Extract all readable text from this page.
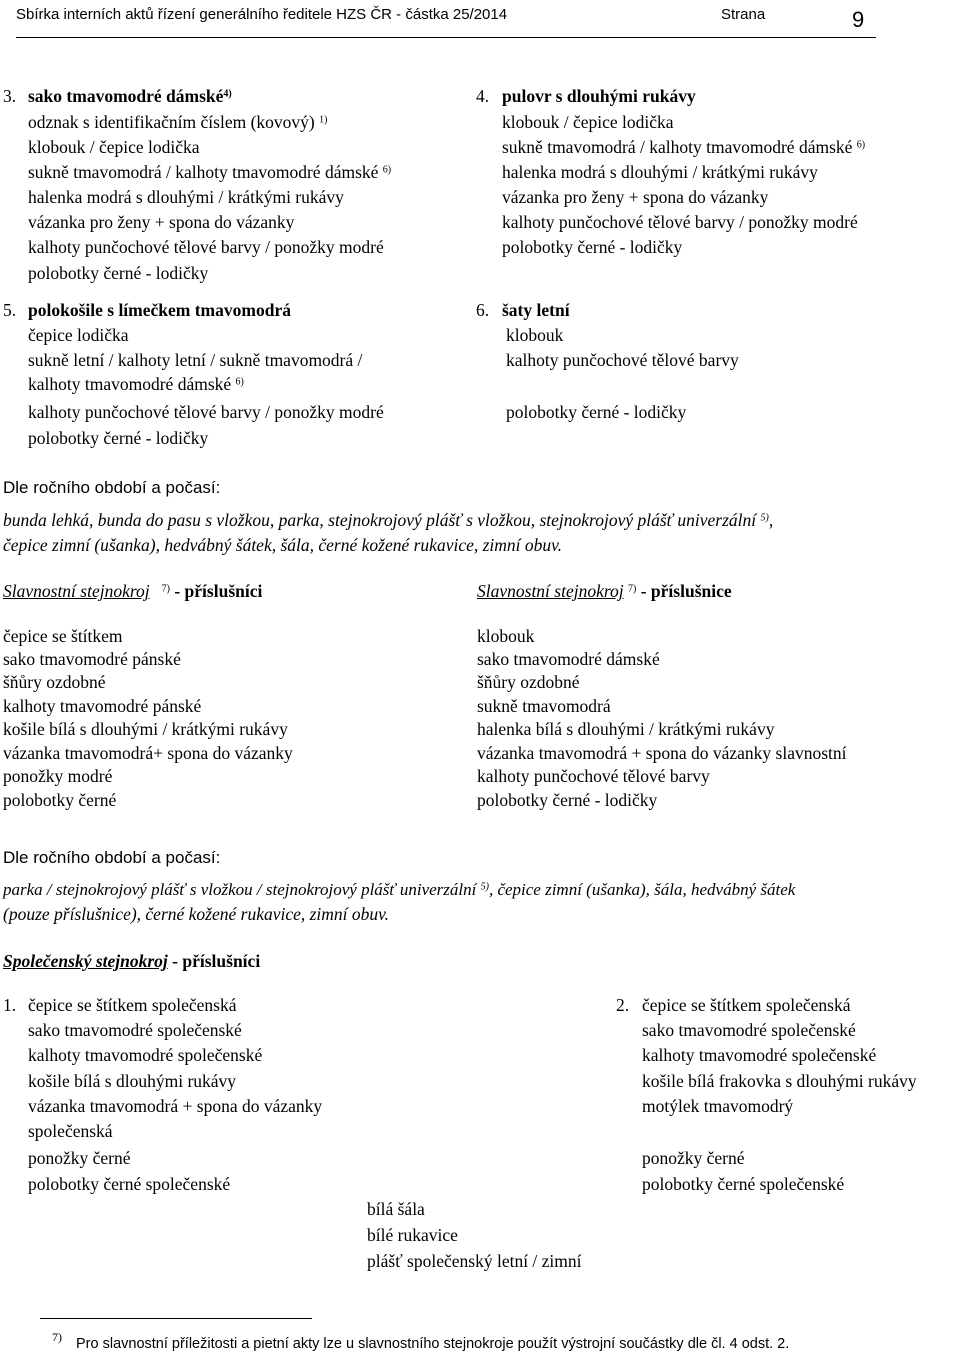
Sbírka interních aktů řízení generálního ředitele HZS ČR - částka 25/2014	Strana	9
3. sako tmavomodré dámské$^{4)}$
odznak s identifikačním číslem (kovový) $^{1)}$
klobouk / čepice lodička
sukně tmavomodrá / kalhoty tmavomodré dámské $^{6)}$
halenka modrá s dlouhými / krátkými rukávy
vázanka pro ženy + spona do vázanky
kalhoty punčochové tělové barvy / ponožky modré
polobotky černé - lodičky
4. pulovr s dlouhými rukávy
klobouk / čepice lodička
sukně tmavomodrá / kalhoty tmavomodré dámské $^{6)}$
halenka modrá s dlouhými / krátkými rukávy
vázanka pro ženy + spona do vázanky
kalhoty punčochové tělové barvy / ponožky modré
polobotky černé - lodičky
5. polokošile s límečkem tmavomodrá
čepice lodička
sukně letní / kalhoty letní / sukně tmavomodrá /
kalhoty tmavomodré dámské $^{6)}$
kalhoty punčochové tělové barvy / ponožky modré
polobotky černé - lodičky
6. šaty letní
klobouk
kalhoty punčochové tělové barvy
polobotky černé - lodičky
Dle ročního období a počasí:
bunda lehká, bunda do pasu s vložkou, parka, stejnokrojový plášť s vložkou, stejnokrojový plášť univerzální $^{5)}$,
čepice zimní (ušanka), hedvábný šátek, šála, černé kožené rukavice, zimní obuv.
Slavnostní stejnokroj $^{7)}$ - příslušníci
čepice se štítkem
sako tmavomodré pánské
šňůry ozdobné
kalhoty tmavomodré pánské
košile bílá s dlouhými / krátkými rukávy
vázanka tmavomodrá+ spona do vázanky
ponožky modré
polobotky černé
Slavnostní stejnokroj $^{7)}$ - příslušnice
klobouk
sako tmavomodré dámské
šňůry ozdobné
sukně tmavomodrá
halenka bílá s dlouhými / krátkými rukávy
vázanka tmavomodrá + spona do vázanky slavnostní
kalhoty punčochové tělové barvy
polobotky černé - lodičky
Dle ročního období a počasí:
parka / stejnokrojový plášť s vložkou / stejnokrojový plášť univerzální $^{5)}$, čepice zimní (ušanka), šála, hedvábný šátek
(pouze příslušnice), černé kožené rukavice, zimní obuv.
Společenský stejnokroj - příslušníci
1. čepice se štítkem společenská
sako tmavomodré společenské
kalhoty tmavomodré společenské
košile bílá s dlouhými rukávy
vázanka tmavomodrá + spona do vázanky
společenská
ponožky černé
polobotky černé společenské
2. čepice se štítkem společenská
sako tmavomodré společenské
kalhoty tmavomodré společenské
košile bílá frakovka s dlouhými rukávy
motýlek tmavomodrý
ponožky černé
polobotky černé společenské
bílá šála
bílé rukavice
plášť společenský letní / zimní
7) Pro slavnostní příležitosti a pietní akty lze u slavnostního stejnokroje použít výstrojní součástky dle čl. 4 odst. 2.
